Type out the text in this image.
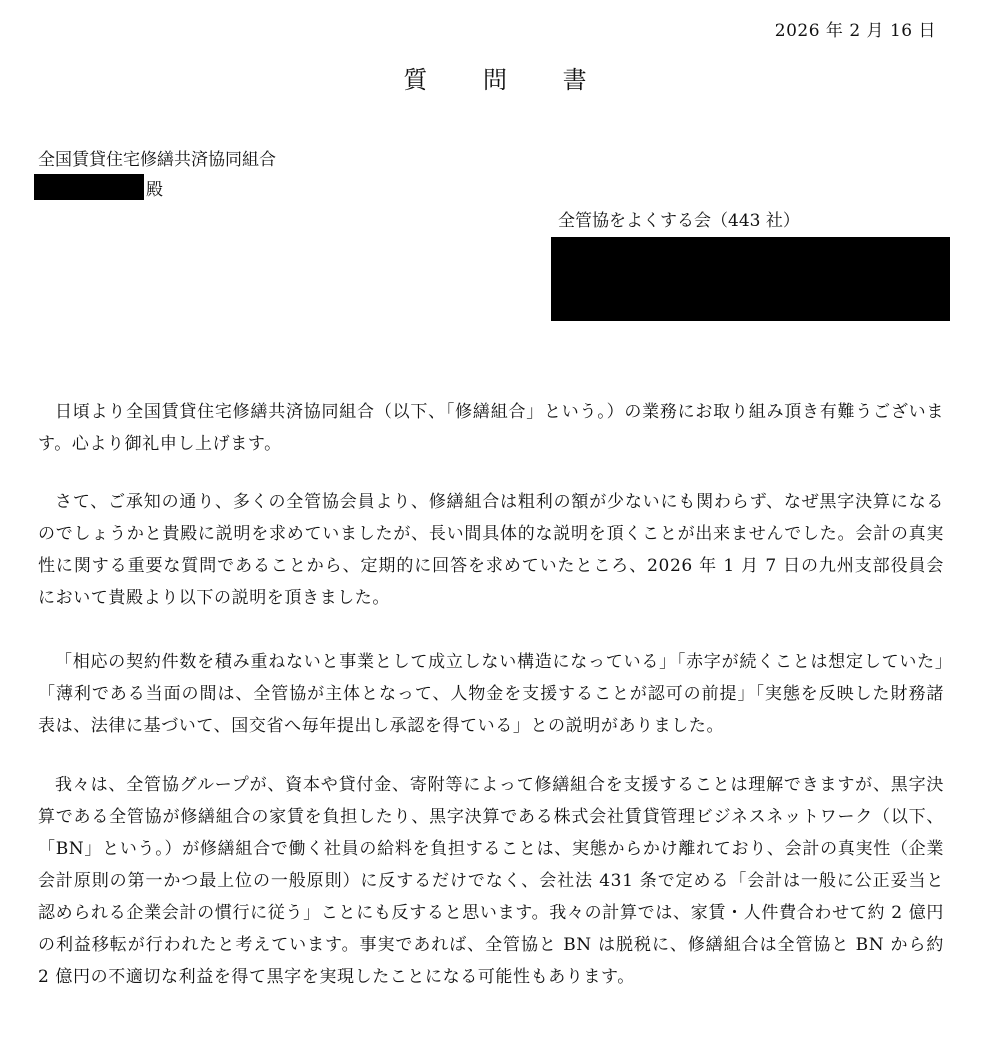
2026 年 2 月 16 日
質 問 書
全国賃貸住宅修繕共済協同組合
殿
全管協をよくする会（443 社）

日頃より全国賃貸住宅修繕共済協同組合（以下、「修繕組合」という。）の業務にお取り組み頂き有難うございます。心より御礼申し上げます。

さて、ご承知の通り、多くの全管協会員より、修繕組合は粗利の額が少ないにも関わらず、なぜ黒字決算になるのでしょうかと貴殿に説明を求めていましたが、長い間具体的な説明を頂くことが出来ませんでした。会計の真実性に関する重要な質問であることから、定期的に回答を求めていたところ、2026 年 1 月 7 日の九州支部役員会において貴殿より以下の説明を頂きました。

「相応の契約件数を積み重ねないと事業として成立しない構造になっている」「赤字が続くことは想定していた」「薄利である当面の間は、全管協が主体となって、人物金を支援することが認可の前提」「実態を反映した財務諸表は、法律に基づいて、国交省へ毎年提出し承認を得ている」との説明がありました。

我々は、全管協グループが、資本や貸付金、寄附等によって修繕組合を支援することは理解できますが、黒字決算である全管協が修繕組合の家賃を負担したり、黒字決算である株式会社賃貸管理ビジネスネットワーク（以下、「BN」という。）が修繕組合で働く社員の給料を負担することは、実態からかけ離れており、会計の真実性（企業会計原則の第一かつ最上位の一般原則）に反するだけでなく、会社法 431 条で定める「会計は一般に公正妥当と認められる企業会計の慣行に従う」ことにも反すると思います。我々の計算では、家賃・人件費合わせて約 2 億円の利益移転が行われたと考えています。事実であれば、全管協と BN は脱税に、修繕組合は全管協と BN から約 2 億円の不適切な利益を得て黒字を実現したことになる可能性もあります。
